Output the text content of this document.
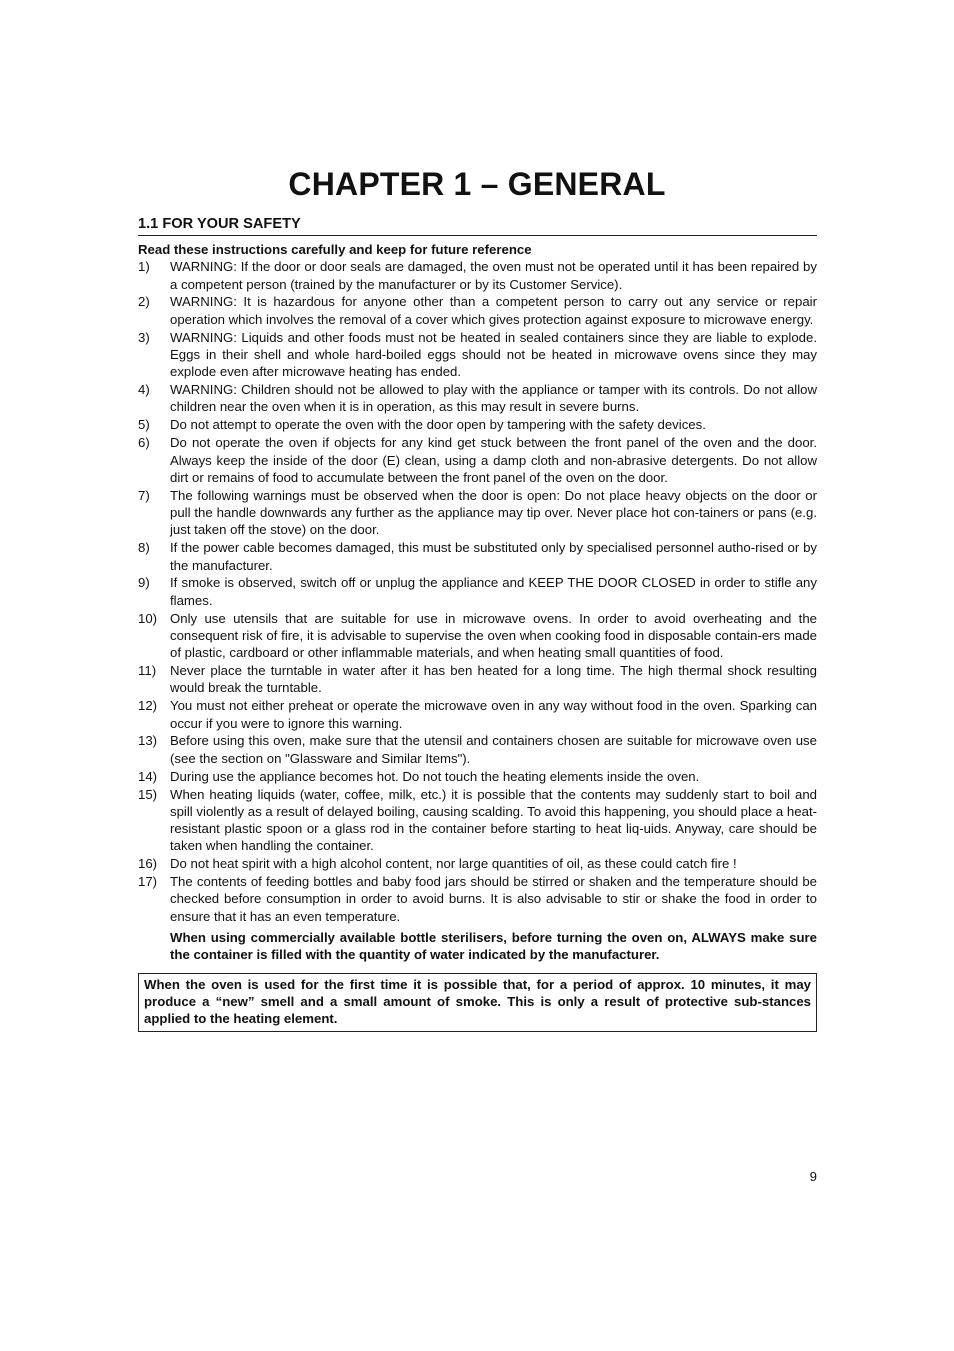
CHAPTER 1 – GENERAL
1.1 FOR YOUR SAFETY
Read these instructions carefully and keep for future reference
1)	WARNING: If the door or door seals are damaged, the oven must not be operated until it has been repaired by a competent person (trained by the manufacturer or by its Customer Service).
2)	WARNING: It is hazardous for anyone other than a competent person to carry out any service or repair operation which involves the removal of a cover which gives protection against exposure to microwave energy.
3)	WARNING: Liquids and other foods must not be heated in sealed containers since they are liable to explode. Eggs in their shell and whole hard-boiled eggs should not be heated in microwave ovens since they may explode even after microwave heating has ended.
4)	WARNING: Children should not be allowed to play with the appliance or tamper with its controls. Do not allow children near the oven when it is in operation, as this may result in severe burns.
5)	Do not attempt to operate the oven with the door open by tampering with the safety devices.
6)	Do not operate the oven if objects for any kind get stuck between the front panel of the oven and the door. Always keep the inside of the door (E) clean, using a damp cloth and non-abrasive detergents. Do not allow dirt or remains of food to accumulate between the front panel of the oven on the door.
7)	The following warnings must be observed when the door is open: Do not place heavy objects on the door or pull the handle downwards any further as the appliance may tip over. Never place hot con-tainers or pans (e.g. just taken off the stove) on the door.
8)	If the power cable becomes damaged, this must be substituted only by specialised personnel autho-rised or by the manufacturer.
9)	If smoke is observed, switch off or unplug the appliance and KEEP THE DOOR CLOSED in order to stifle any flames.
10) Only use utensils that are suitable for use in microwave ovens. In order to avoid overheating and the consequent risk of fire, it is advisable to supervise the oven when cooking food in disposable contain-ers made of plastic, cardboard or other inflammable materials, and when heating small quantities of food.
11)	Never place the turntable in water after it has ben heated for a long time. The high thermal shock resulting would break the turntable.
12) You must not either preheat or operate the microwave oven in any way without food in the oven. Sparking can occur if you were to ignore this warning.
13) Before using this oven, make sure that the utensil and containers chosen are suitable for microwave oven use (see the section on "Glassware and Similar Items").
14) During use the appliance becomes hot. Do not touch the heating elements inside the oven.
15) When heating liquids (water, coffee, milk, etc.) it is possible that the contents may suddenly start to boil and spill violently as a result of delayed boiling, causing scalding. To avoid this happening, you should place a heat-resistant plastic spoon or a glass rod in the container before starting to heat liq-uids. Anyway, care should be taken when handling the container.
16) Do not heat spirit with a high alcohol content, nor large quantities of oil, as these could catch fire !
17) The contents of feeding bottles and baby food jars should be stirred or shaken and the temperature should be checked before consumption in order to avoid burns. It is also advisable to stir or shake the food in order to ensure that it has an even temperature.
When using commercially available bottle sterilisers, before turning the oven on, ALWAYS make sure the container is filled with the quantity of water indicated by the manufacturer.
When the oven is used for the first time it is possible that, for a period of approx. 10 minutes, it may produce a “new” smell and a small amount of smoke. This is only a result of protective sub-stances applied to the heating element.
9
